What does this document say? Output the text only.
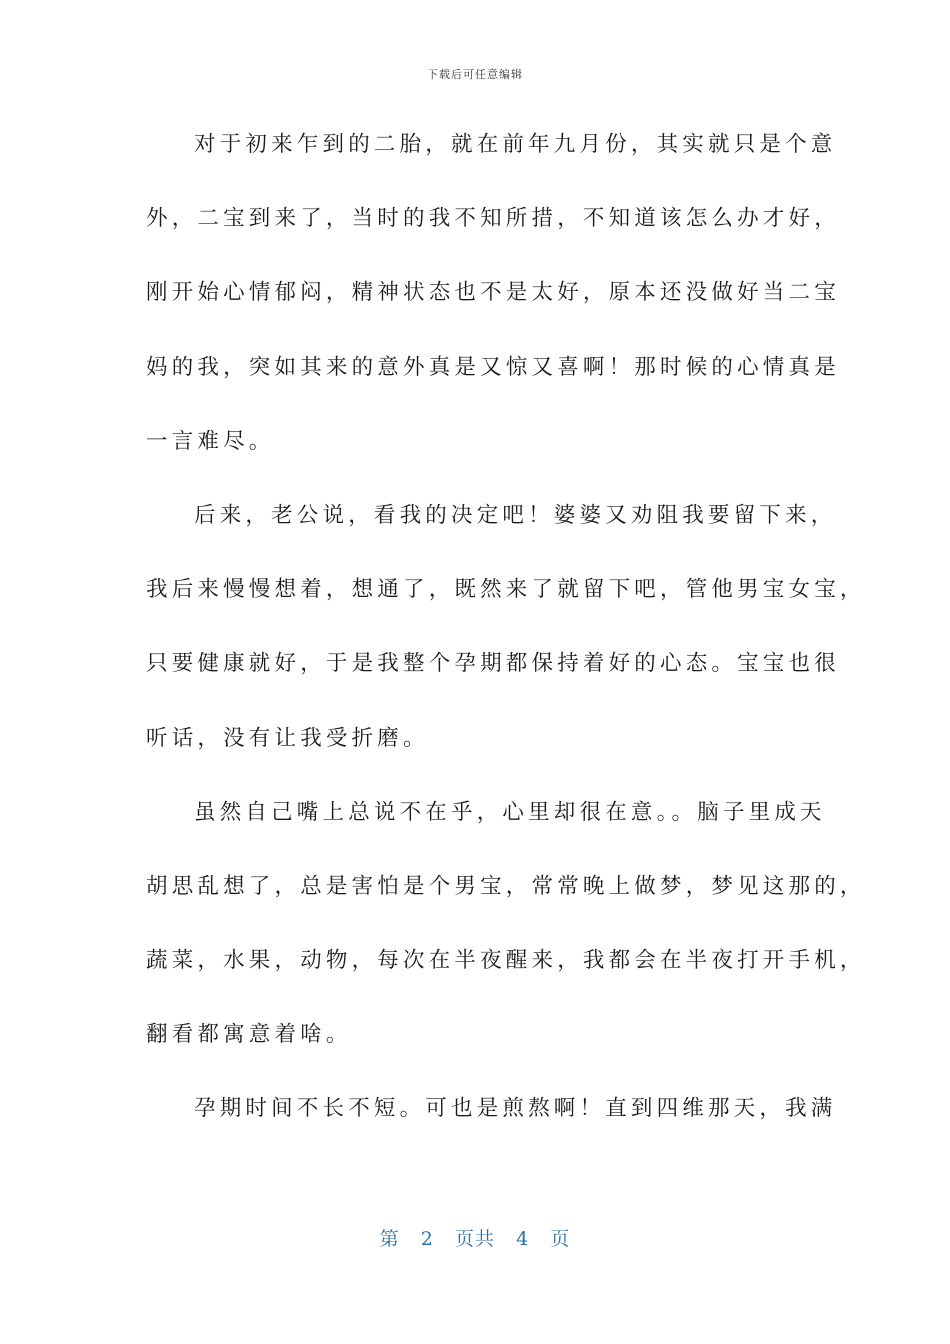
下载后可任意编辑
对于初来乍到的二胎，就在前年九月份，其实就只是个意
外，二宝到来了，当时的我不知所措，不知道该怎么办才好，
刚开始心情郁闷，精神状态也不是太好，原本还没做好当二宝
妈的我，突如其来的意外真是又惊又喜啊！那时候的心情真是
一言难尽。
后来，老公说，看我的决定吧！婆婆又劝阻我要留下来，
我后来慢慢想着，想通了，既然来了就留下吧，管他男宝女宝，
只要健康就好，于是我整个孕期都保持着好的心态。宝宝也很
听话，没有让我受折磨。
虽然自己嘴上总说不在乎，心里却很在意。。脑子里成天
胡思乱想了，总是害怕是个男宝，常常晚上做梦，梦见这那的，
蔬菜，水果，动物，每次在半夜醒来，我都会在半夜打开手机，
翻看都寓意着啥。
孕期时间不长不短。可也是煎熬啊！直到四维那天，我满
第 2 页共 4 页
